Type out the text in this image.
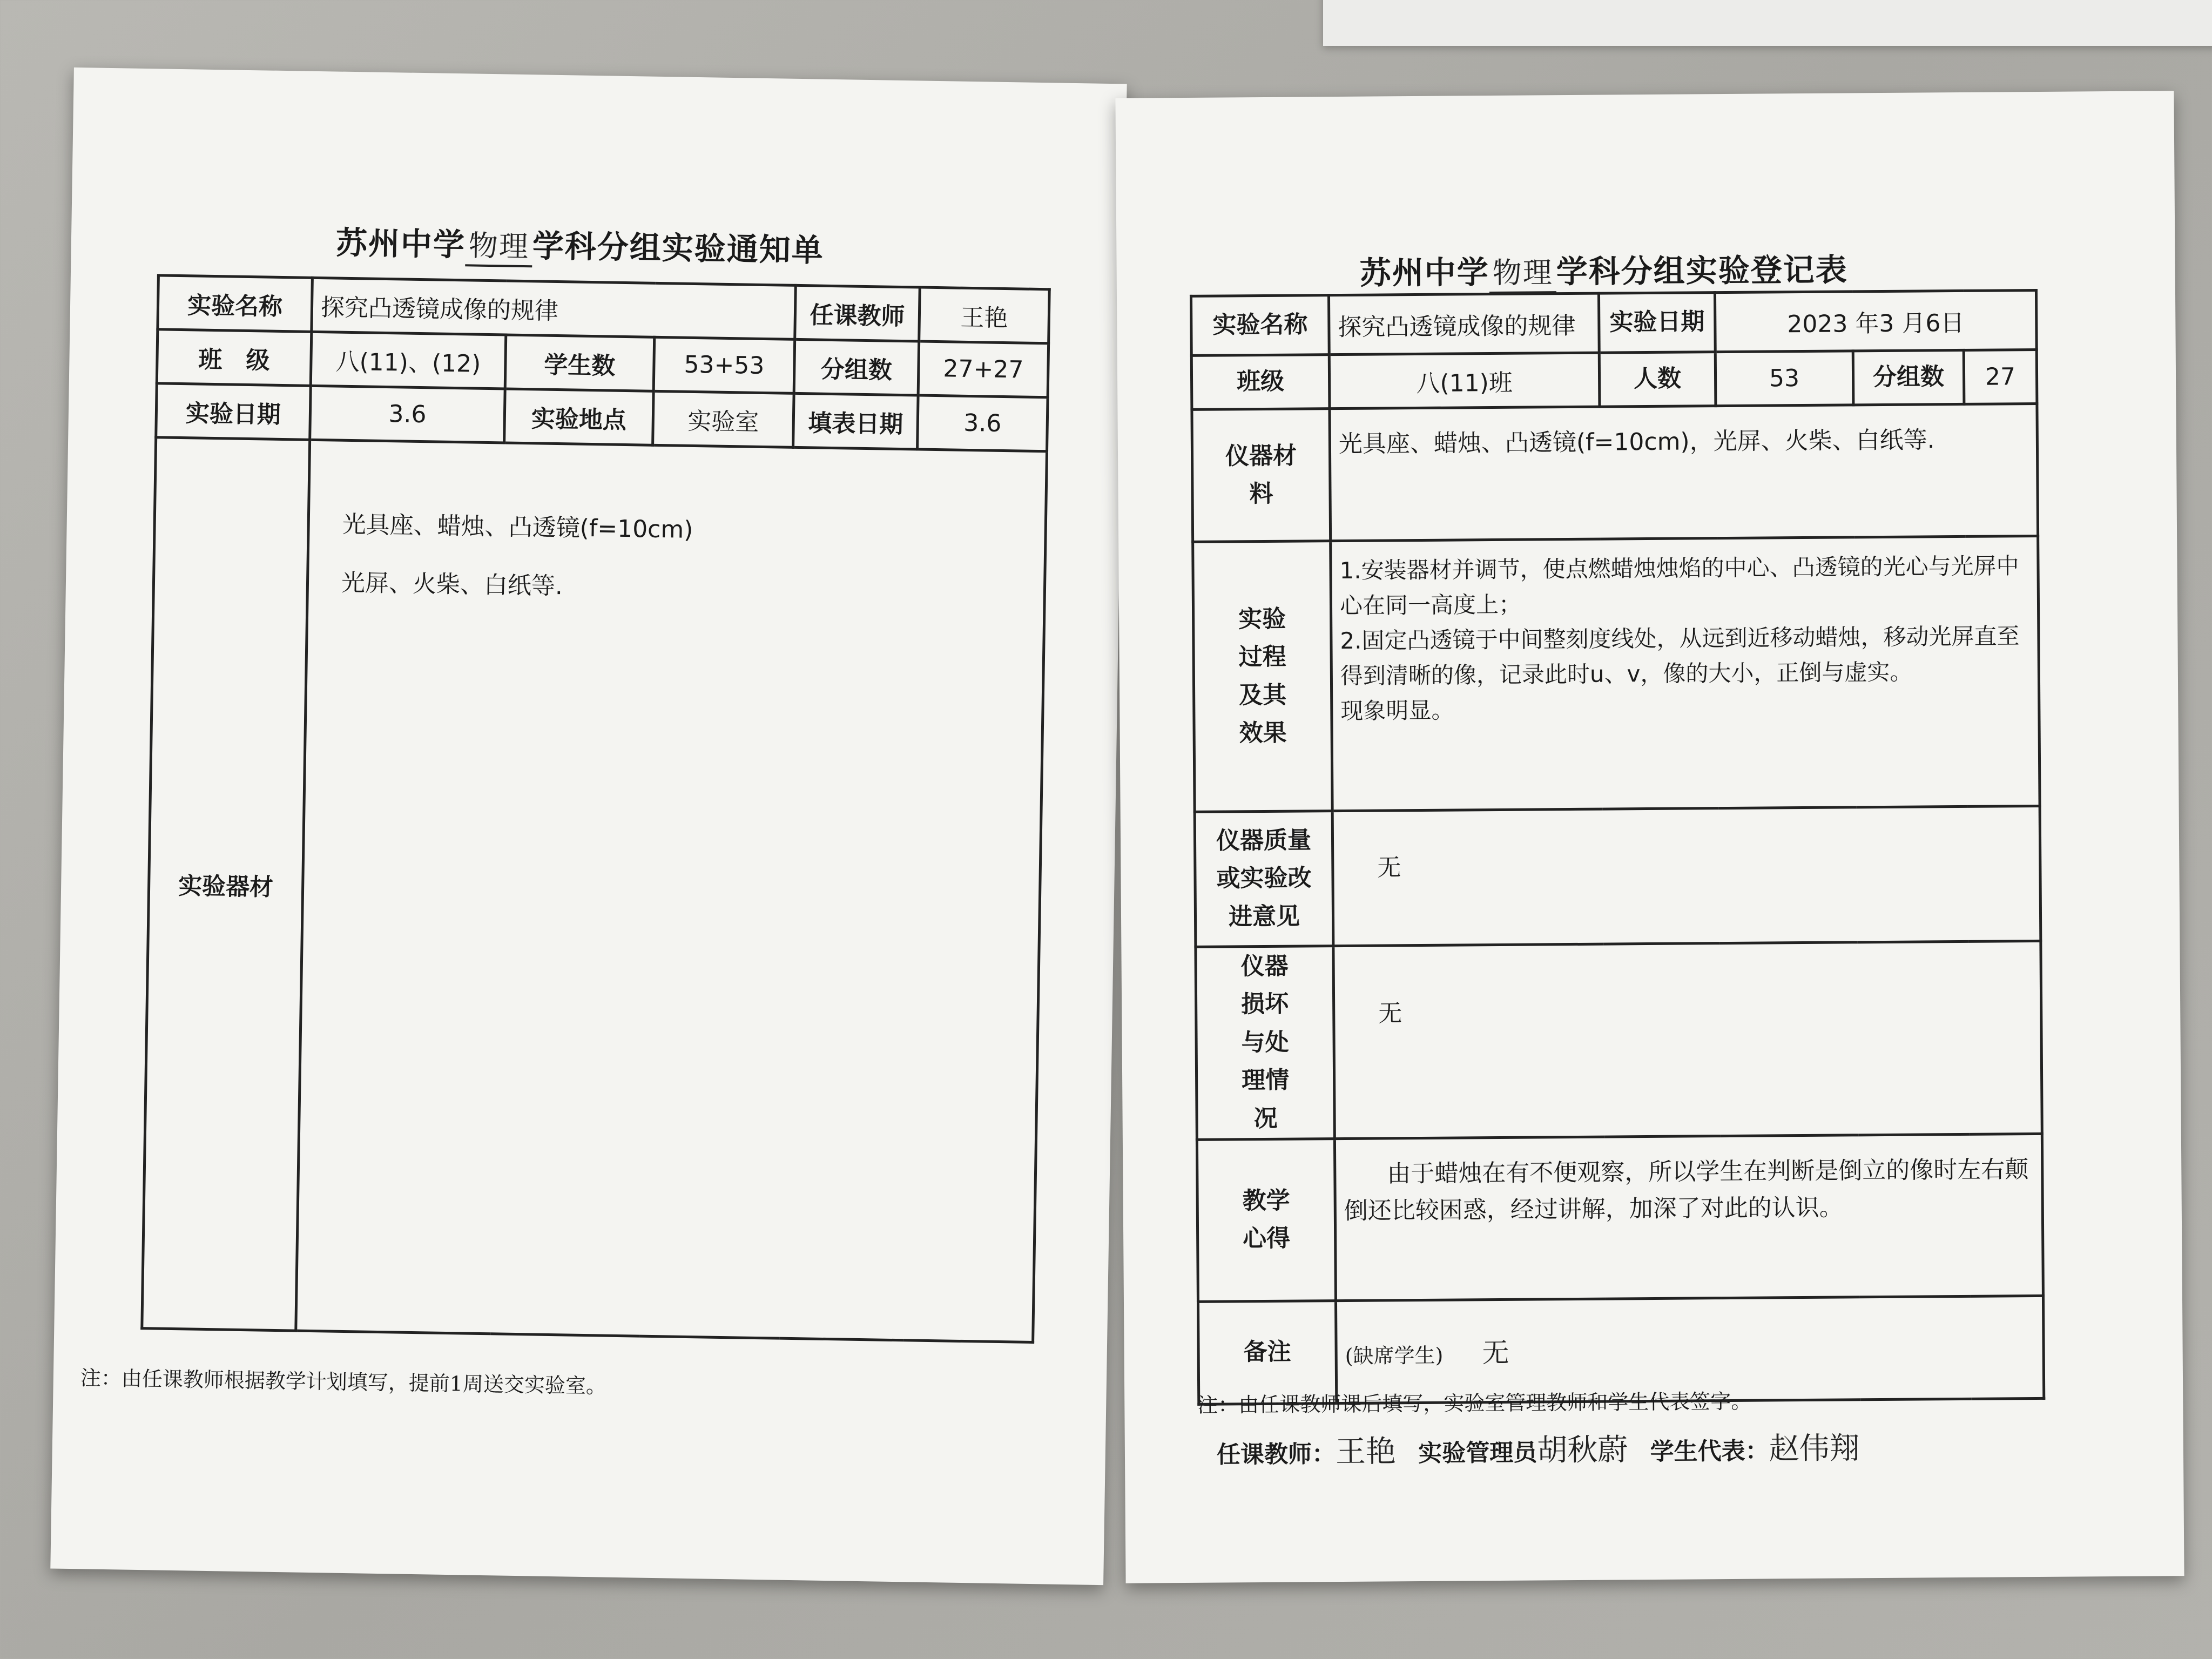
苏州中学物理学科分组实验通知单
实验名称	探究凸透镜成像的规律			任课教师	王艳
班　级	八(11)、(12)	学生数	53+53	分组数	27+27
实验日期	3.6	实验地点	实验室	填表日期	3.6
实验器材	光具座、蜡烛、凸透镜(f=10cm)
光屏、火柴、白纸等.				
注：由任课教师根据教学计划填写，提前1周送交实验室。
苏州中学 物理学科分组实验登记表
实验名称	探究凸透镜成像的规律	实验日期	2023 年3 月6日		
班级	八(11)班	人数	53	分组数	27
仪器材料	光具座、蜡烛、凸透镜(f=10cm)，光屏、火柴、白纸等.				
实验过程及其效果	1.安装器材并调节，使点燃蜡烛烛焰的中心、凸透镜的光心与光屏中心在同一高度上；
2.固定凸透镜于中间整刻度线处，从远到近移动蜡烛，移动光屏直至得到清晰的像，记录此时u、v，像的大小，正倒与虚实。
现象明显。				

仪器质量或实验改进意见	无				
仪器损坏与处理情况	无				
教学心得	由于蜡烛在有不便观察，所以学生在判断是倒立的像时左右颠倒还比较困惑，经过讲解，加深了对此的认识。				
备注	(缺席学生) 无				
注：由任课教师课后填写，实验室管理教师和学生代表签字。
任课教师：王艳 实验管理员胡秋蔚 学生代表：赵伟翔
